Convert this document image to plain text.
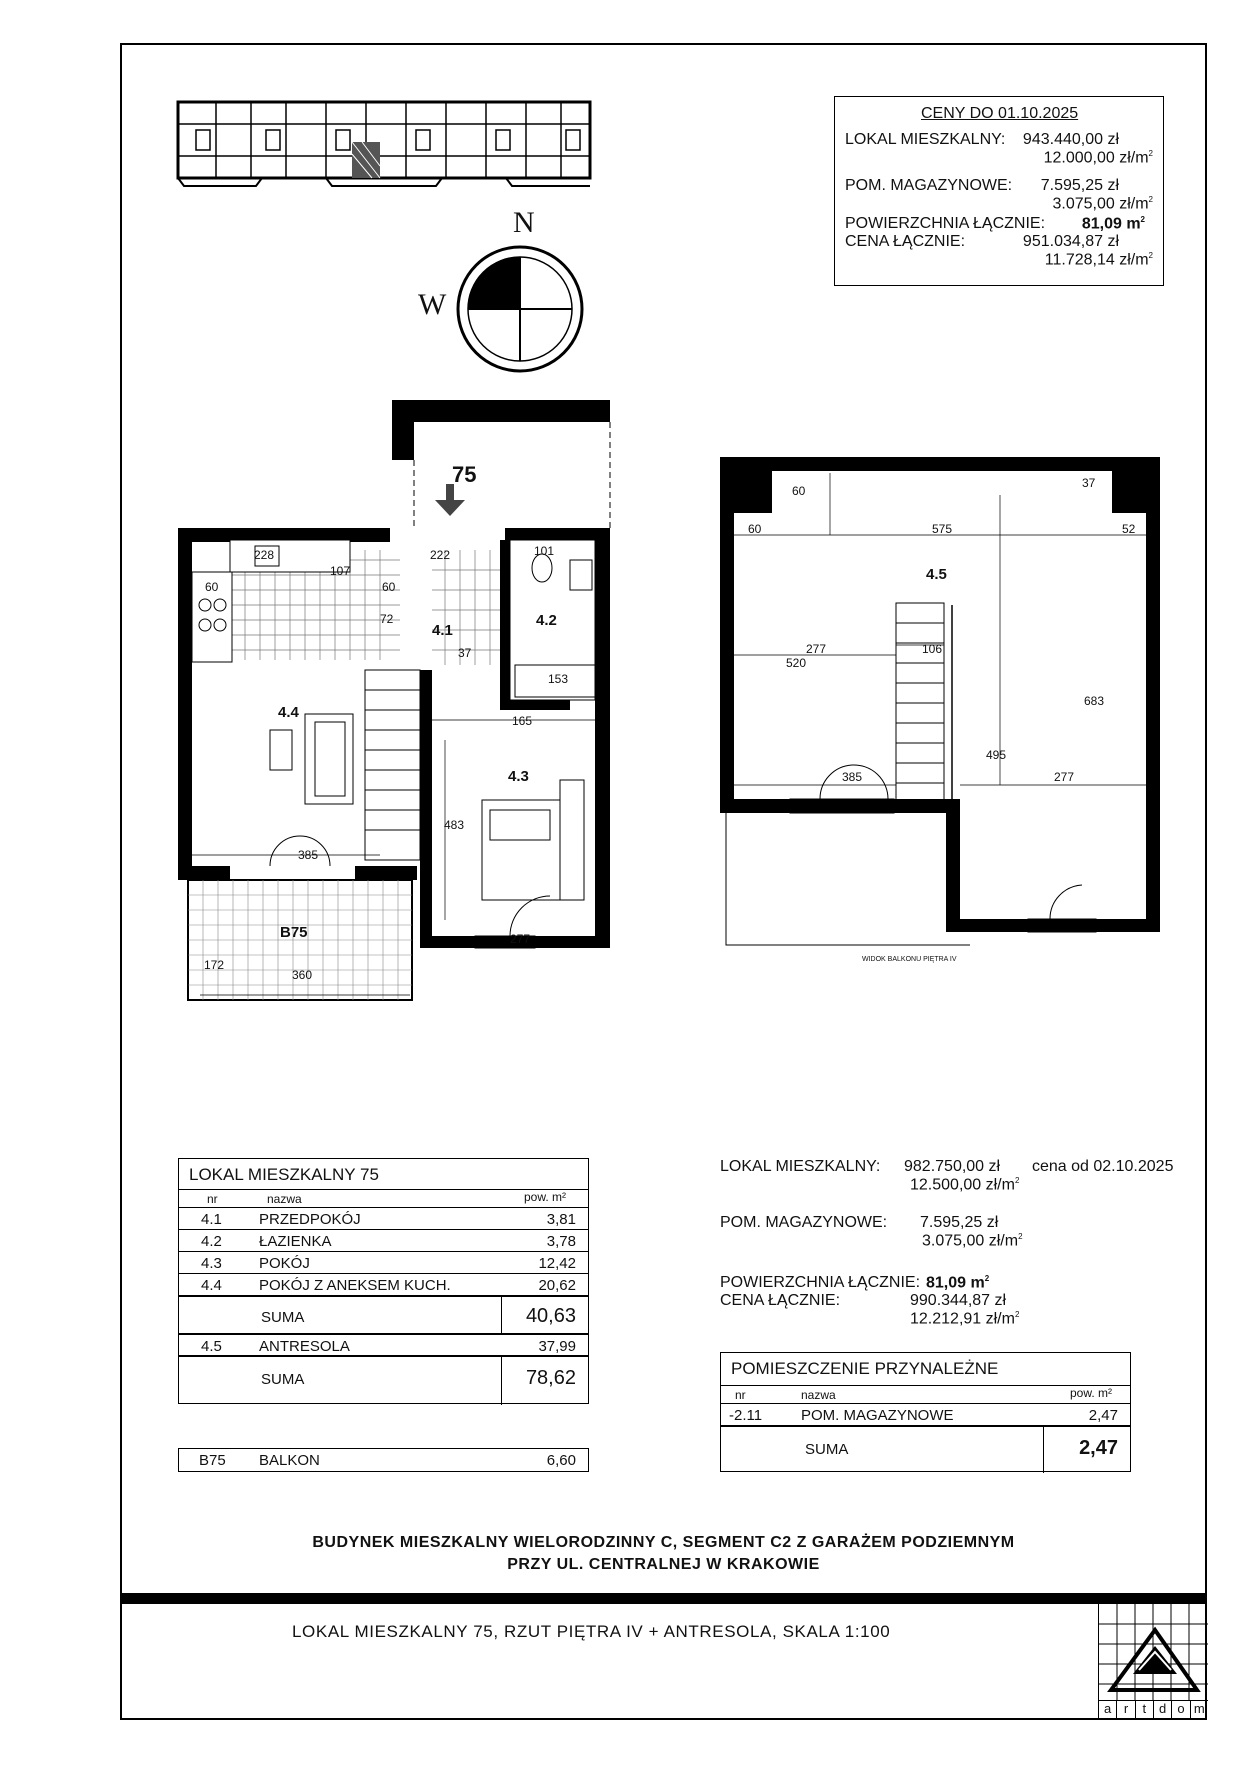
CENY DO 01.10.2025
LOKAL MIESZKALNY: 943.440,00 zł
12.000,00 $zł/m^2$
POM. MAGAZYNOWE: 7.595,25 zł
3.075,00 $zł/m^2$
POWIERZCHNIA ŁĄCZNIE: 81,09 $m^2$
CENA ŁĄCZNIE:	951.034,87 zł
11.728,14 $zł/m^2$
N
W
75
4.1
4.2
4.3
4.4
B75
60
228
107
60
72
222	101
37
153
165
385
483
277
172
360
4.5
WIDOK BALKONU PIĘTRA IV
60
60	575
37
52
277	106
520
683
495
385	277
LOKAL MIESZKALNY 75
nr	nazwa	pow. m²
4.1 PRZEDPOKÓJ	3,81
4.2 ŁAZIENKA	3,78
4.3 POKÓJ	12,42
4.4 POKÓJ Z ANEKSEM KUCH.	20,62
SUMA	40,63
4.5 ANTRESOLA	37,99
SUMA	78,62
B75 BALKON	6,60
LOKAL MIESZKALNY: 982.750,00 zł cena od 02.10.2025
12.500,00 $zł/m^2$
POM. MAGAZYNOWE: 7.595,25 zł
3.075,00 $zł/m^2$
POWIERZCHNIA ŁĄCZNIE: 81,09 $m^2$
CENA ŁĄCZNIE:	990.344,87 zł
12.212,91 $zł/m^2$
POMIESZCZENIE PRZYNALEŻNE
nr	nazwa	pow. m²
-2.11	POM. MAGAZYNOWE	2,47
SUMA	2,47
BUDYNEK MIESZKALNY WIELORODZINNY C, SEGMENT C2 Z GARAŻEM PODZIEMNYM
PRZY UL. CENTRALNEJ W KRAKOWIE
LOKAL MIESZKALNY 75, RZUT PIĘTRA IV + ANTRESOLA, SKALA 1:100
a r	t d o m
